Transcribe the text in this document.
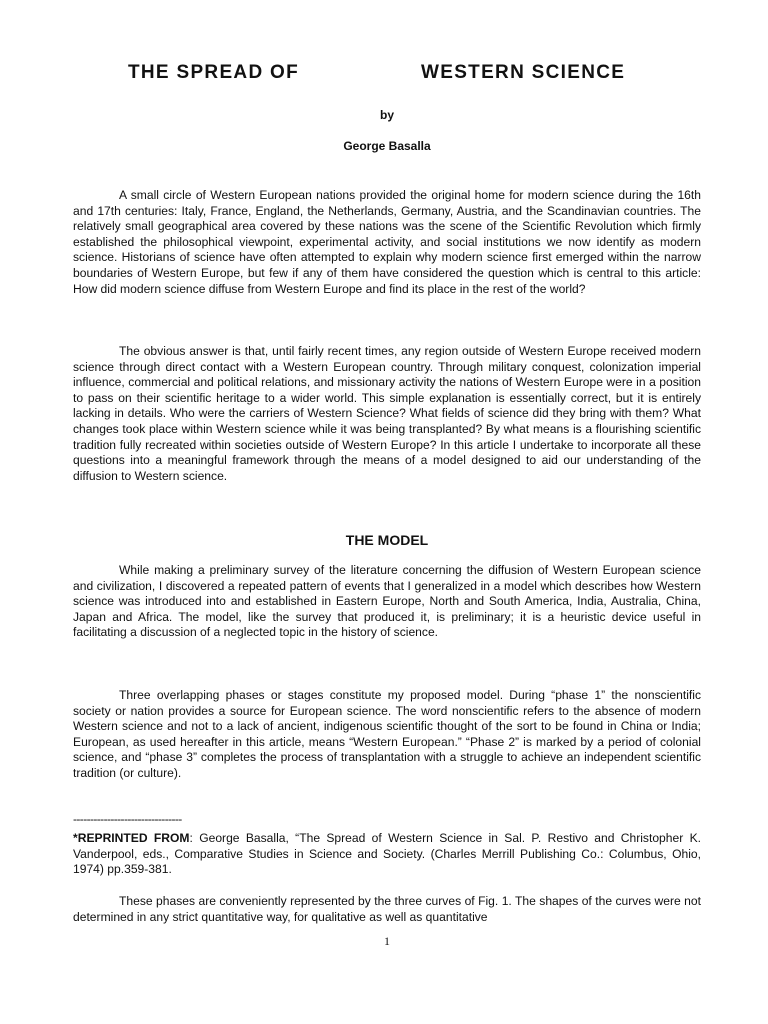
THE SPREAD OF	WESTERN SCIENCE
by
George Basalla

A small circle of Western European nations provided the original home for modern science during the 16th and 17th centuries: Italy, France, England, the Netherlands, Germany, Austria, and the Scandinavian countries. The relatively small geographical area covered by these nations was the scene of the Scientific Revolution which firmly established the philosophical viewpoint, experimental activity, and social institutions we now identify as modern science. Historians of science have often attempted to explain why modern science first emerged within the narrow boundaries of Western Europe, but few if any of them have considered the question which is central to this article: How did modern science diffuse from Western Europe and find its place in the rest of the world?

The obvious answer is that, until fairly recent times, any region outside of Western Europe received modern science through direct contact with a Western European country. Through military conquest, colonization imperial influence, commercial and political relations, and missionary activity the nations of Western Europe were in a position to pass on their scientific heritage to a wider world. This simple explanation is essentially correct, but it is entirely lacking in details. Who were the carriers of Western Science? What fields of science did they bring with them? What changes took place within Western science while it was being transplanted? By what means is a flourishing scientific tradition fully recreated within societies outside of Western Europe? In this article I undertake to incorporate all these questions into a meaningful framework through the means of a model designed to aid our understanding of the diffusion to Western science.

THE MODEL

While making a preliminary survey of the literature concerning the diffusion of Western European science and civilization, I discovered a repeated pattern of events that I generalized in a model which describes how Western science was introduced into and established in Eastern Europe, North and South America, India, Australia, China, Japan and Africa. The model, like the survey that produced it, is preliminary; it is a heuristic device useful in facilitating a discussion of a neglected topic in the history of science.

Three overlapping phases or stages constitute my proposed model. During “phase 1” the nonscientific society or nation provides a source for European science. The word nonscientific refers to the absence of modern Western science and not to a lack of ancient, indigenous scientific thought of the sort to be found in China or India; European, as used hereafter in this article, means “Western European.” “Phase 2” is marked by a period of colonial science, and “phase 3” completes the process of transplantation with a struggle to achieve an independent scientific tradition (or culture).

--------------------------------

*REPRINTED FROM: George Basalla, “The Spread of Western Science in Sal. P. Restivo and Christopher K. Vanderpool, eds., Comparative Studies in Science and Society. (Charles Merrill Publishing Co.: Columbus, Ohio, 1974) pp.359-381.

These phases are conveniently represented by the three curves of Fig. 1. The shapes of the curves were not determined in any strict quantitative way, for qualitative as well as quantitative

1
